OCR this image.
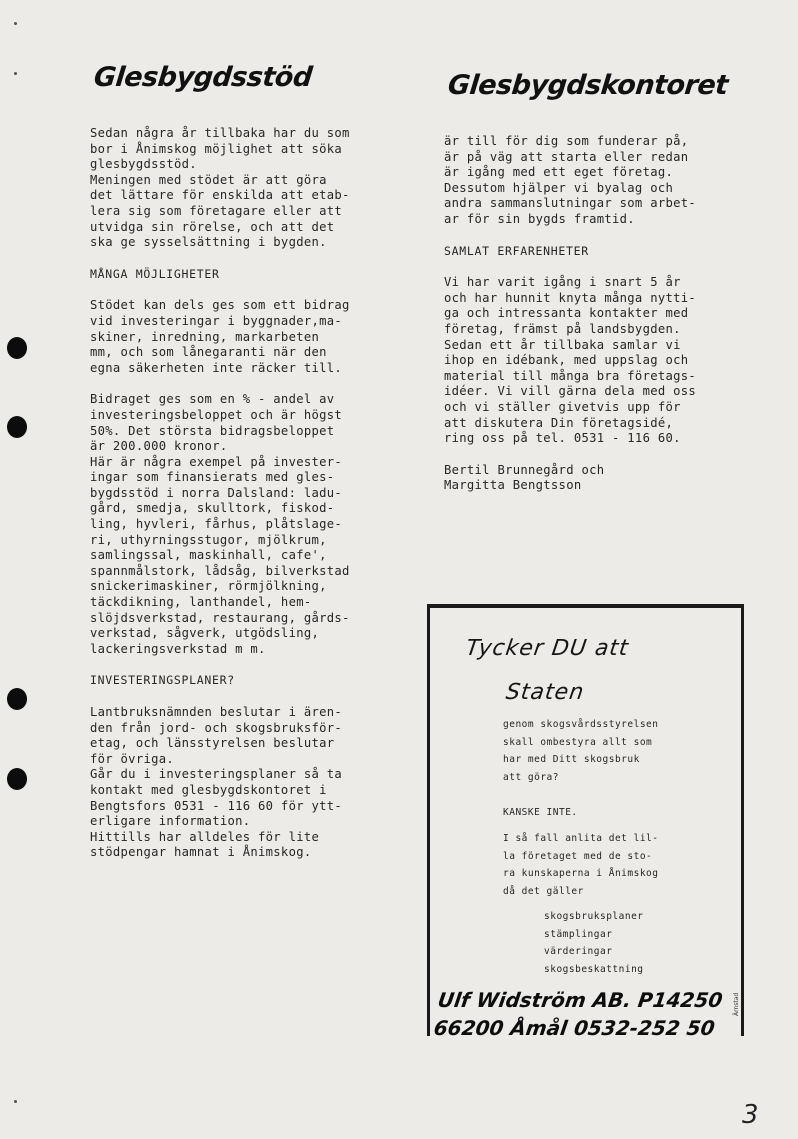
Glesbygdsstöd

Sedan några år tillbaka har du som
bor i Ånimskog möjlighet att söka
glesbygdsstöd.
Meningen med stödet är att göra
det lättare för enskilda att etab-
lera sig som företagare eller att
utvidga sin rörelse, och att det
ska ge sysselsättning i bygden.

MÅNGA MÖJLIGHETER

Stödet kan dels ges som ett bidrag
vid investeringar i byggnader,ma-
skiner, inredning, markarbeten
mm, och som lånegaranti när den
egna säkerheten inte räcker till.

Bidraget ges som en % - andel av
investeringsbeloppet och är högst
50%. Det största bidragsbeloppet
är 200.000 kronor.
Här är några exempel på invester-
ingar som finansierats med gles-
bygdsstöd i norra Dalsland: ladu-
gård, smedja, skulltork, fiskod-
ling, hyvleri, fårhus, plåtslage-
ri, uthyrningsstugor, mjölkrum,
samlingssal, maskinhall, cafe',
spannmålstork, lådsåg, bilverkstad
snickerimaskiner, rörmjölkning,
täckdikning, lanthandel, hem-
slöjdsverkstad, restaurang, gårds-
verkstad, sågverk, utgödsling,
lackeringsverkstad m m.

INVESTERINGSPLANER?

Lantbruksnämnden beslutar i ären-
den från jord- och skogsbruksför-
etag, och länsstyrelsen beslutar
för övriga.
Går du i investeringsplaner så ta
kontakt med glesbygdskontoret i
Bengtsfors 0531 - 116 60 för ytt-
erligare information.
Hittills har alldeles för lite
stödpengar hamnat i Ånimskog.

Glesbygdskontoret

är till för dig som funderar på,
är på väg att starta eller redan
är igång med ett eget företag.
Dessutom hjälper vi byalag och
andra sammanslutningar som arbet-
ar för sin bygds framtid.

SAMLAT ERFARENHETER

Vi har varit igång i snart 5 år
och har hunnit knyta många nytti-
ga och intressanta kontakter med
företag, främst på landsbygden.
Sedan ett år tillbaka samlar vi
ihop en idébank, med uppslag och
material till många bra företags-
idéer. Vi vill gärna dela med oss
och vi ställer givetvis upp för
att diskutera Din företagsidé,
ring oss på tel. 0531 - 116 60.

Bertil Brunnegård och
Margitta Bengtsson

Tycker DU att
Staten
genom skogsvårdsstyrelsen
skall ombestyra allt som
har med Ditt skogsbruk
att göra?
KANSKE INTE.
I så fall anlita det lil-
la företaget med de sto-
ra kunskaperna i Ånimskog
då det gäller
skogsbruksplaner
stämplingar
värderingar
skogsbeskattning
Ulf Widström AB. P14250
66200 Åmål 0532-252 50
Ärnstad
3
